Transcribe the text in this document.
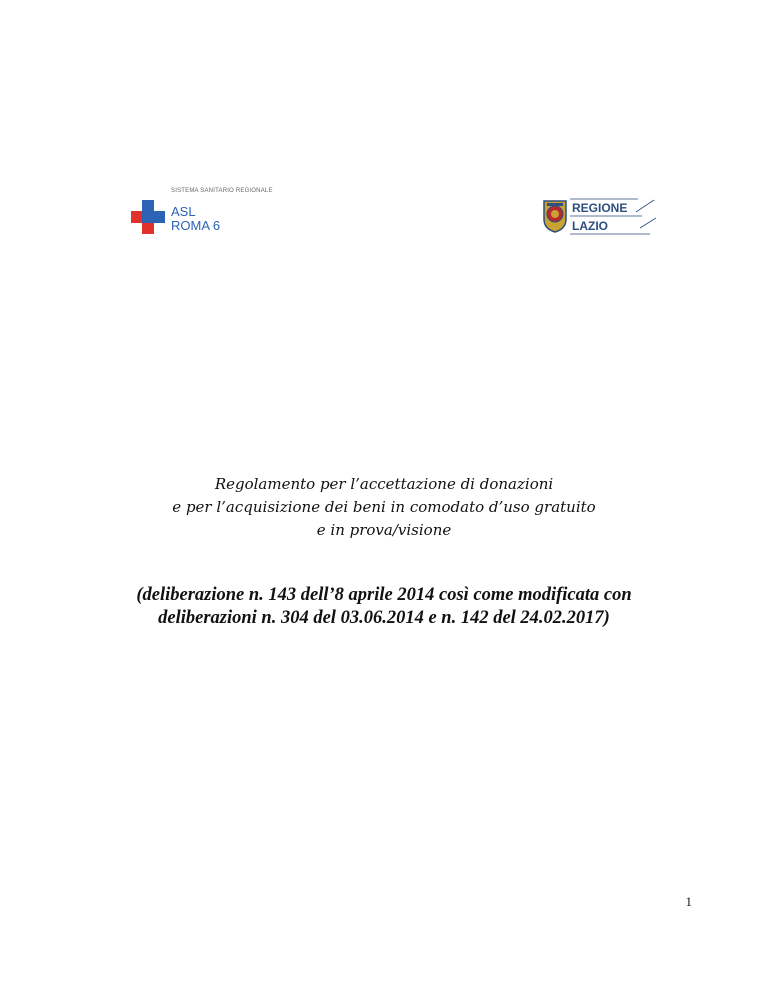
SISTEMA SANITARIO REGIONALE
ASL
ROMA 6
REGIONE
LAZIO
Regolamento per l’accettazione di donazioni
e per l’acquisizione dei beni in comodato d’uso gratuito
e in prova/visione
(deliberazione n. 143 dell’8 aprile 2014 così come modificata con
deliberazioni n. 304 del 03.06.2014 e n. 142 del 24.02.2017)
1
